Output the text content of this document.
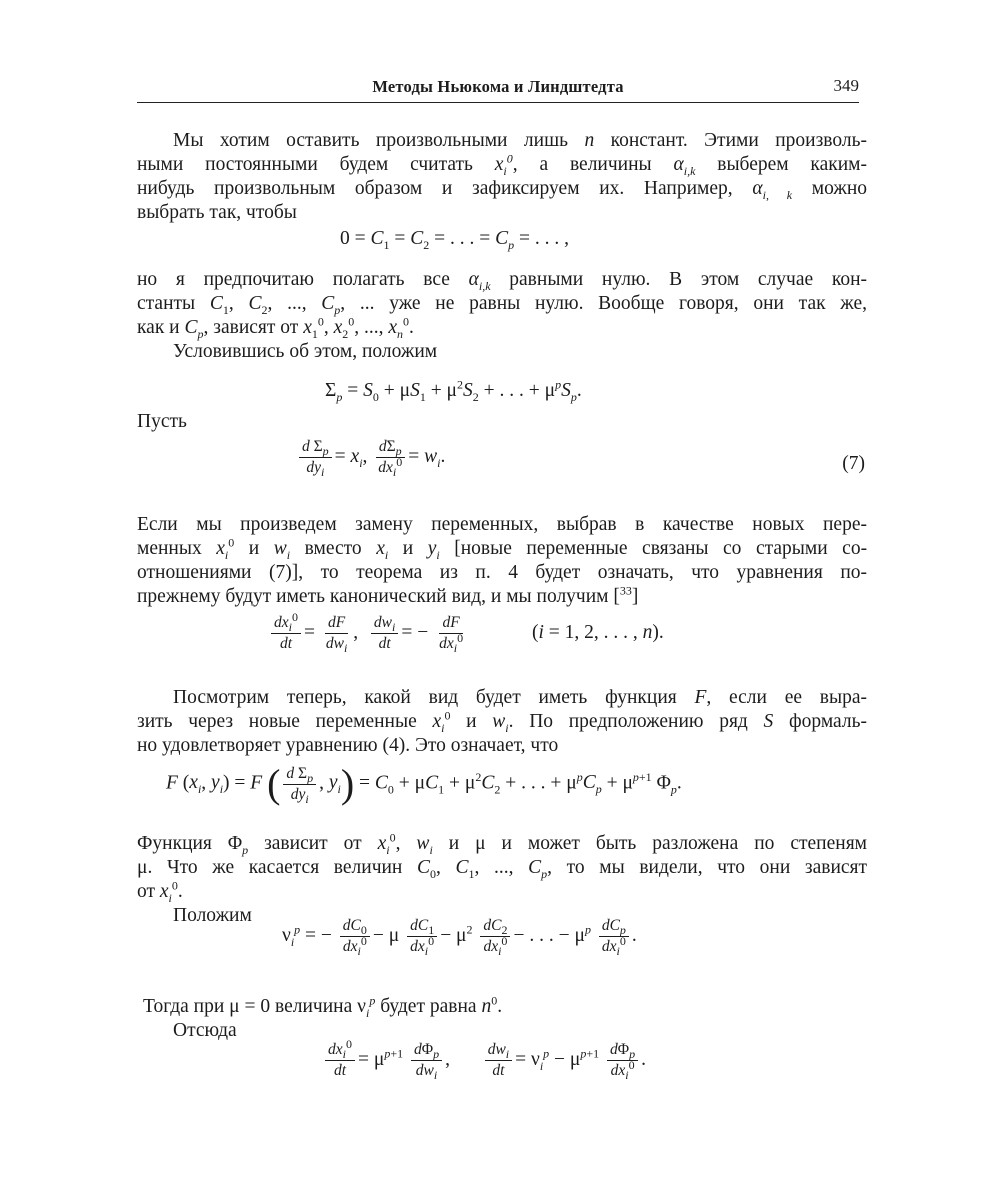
Методы Ньюкома и Линдштедта	349
Мы хотим оставить произвольными лишь n констант. Этими произволь-
ными постоянными будем считать $x_i^0$, а величины $\alpha_{i,k}$ выберем каким-
нибудь произвольным образом и зафиксируем их. Например, $\alpha_{i, k}$ можно
выбрать так, чтобы
$0 = C_1 = C_2$ = . . . = $C_p$ = . . . ,
но я предпочитаю полагать все $\alpha_{i,k}$ равными нулю. В этом случае кон-
станты $C_1$, $C_2$, ..., $C_p$, ... уже не равны нулю. Вообще говоря, они так же,
как и $C_p$, зависят от $x_1^0$, $x_2^0$, ..., $x_n^0$.
Условившись об этом, положим
$\Sigma_p = S_0 + \mu S_1 + \mu^2S_2$ + . . . + $\mu^pS_p$.
Пусть
d $\Sigma_p$
$dy_i$
= $x_i$, $d\Sigma_p$
$dx_i^0 = w_i$.	(7)
Если мы произведем замену переменных, выбрав в качестве новых пере-
менных $x_i^0$ и $w_i$ вместо $x_i$ и $y_i$ [новые переменные связаны со старыми со-
отношениями (7)], то теорема из п. 4 будет означать, что уравнения по-
прежнему будут иметь канонический вид, и мы получим [$^{33}$]
$dx_i^0$
dt
= dF
$dw_i$
, $dw_i$
dt
= − dF
$dx_i^0$	(i = 1, 2, . . . , n).
Посмотрим теперь, какой вид будет иметь функция F, если ее выра-
зить через новые переменные $x_i^0$ и $w_i$. По предположению ряд S формаль-
но удовлетворяет уравнению (4). Это означает, что
F ($x_i$, $y_i) = F$ ( d $\Sigma_p$
$dy_i$
, $y_i) = C_0 + \mu C_1 + \mu^2C_2$ + . . . + $\mu^pC_p + \mu^{p+1}$ $\Phi_p$.
Функция $\Phi_p$ зависит от $x_i^0$, $w_i$ и μ и может быть разложена по степеням
μ. Что же касается величин $C_0$, $C_1$, ..., $C_p$, то мы видели, что они зависят
от $x_i^0$.
Положим
$\nu_i^p$ = − $dC_0$
$dx_i^0 - \mu$ $dC_1$
$dx_i^0 - \mu^2$ $dC_2$
$dx_i^0$ − . . . − $\mu^p$ $dC_p$
$dx_i^0$ .
Тогда при μ = 0 величина $\nu_i^p$ будет равна $n^0$.
Отсюда
$dx_i^0$
dt
= $\mu^{p+1}$ $d\Phi_p$
$dw_i$
, $dw_i$
dt
= $\nu_i^p - \mu^{p+1}$ $d\Phi_p$
$dx_i^0$ .
